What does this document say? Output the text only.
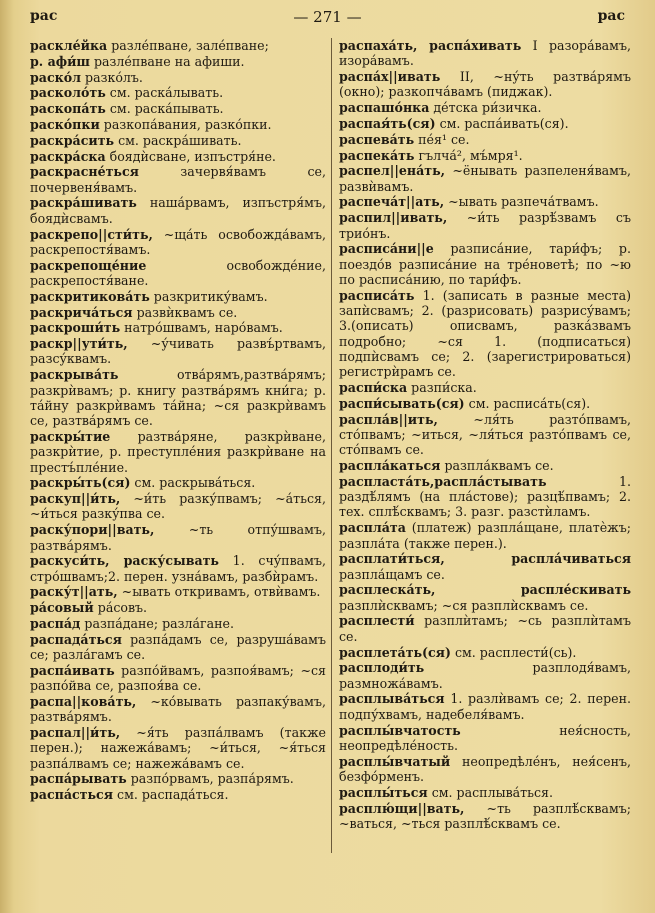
рас	— 271 —	рас
раскле́йка разле́пване, зале́пване;
р. афи́ш разле́пване на афиши.
раско́л разко́лъ.
расколо́ть см. раска́лывать.
раскопа́ть см. раска́пывать.
раско́пки разкопа́вания, разко́пки.
раскра́сить см. раскра́шивать.
раскра́ска боядѝсване, изпъстря́не.
раскрасне́ться зачервя́вамъ се, почервеня́вамъ.
раскра́шивать наша́рвамъ, изпъстря́мъ, боядѝсвамъ.
раскрепо||сти́ть, ~ща́ть освобожда́вамъ, раскрепостя́вамъ.
раскрепоще́ние освобожде́ние, раскрепостя́ване.
раскритикова́ть разкритику́вамъ.
раскрича́ться развѝквамъ се.
раскроши́ть натро́швамъ, наро́вамъ.
раскр||ути́ть, ~у́чивать развъ́ртвамъ, разсу́квамъ.
раскрыва́ть отва́рямъ,разтва́рямъ; разкрѝвамъ; р. книгу разтва́рямъ кни́га; р. та́йну разкрѝвамъ та́йна; ~ся разкрѝвамъ се, разтва́рямъ се.
раскры́тие разтва́ряне, разкрѝване, разкрѝтие, р. преступле́ния разкрѝване на престъ́пле́ние.
раскры́ть(ся) см. раскрыва́ться.
раскуп||и́ть, ~и́ть разку́пвамъ; ~а́ться, ~и́ться разку́пва се.
раску́пори||вать, ~ть отпу́швамъ, разтва́рямъ.
раскуси́ть, раску́сывать 1. счу́пвамъ, стро́швамъ;2. перен. узна́вамъ, разбѝрамъ.
раску́т||ать, ~ывать откривамъ, отвѝвамъ.
ра́совый ра́совъ.
распа́д разпа́дане; разла́гане.
распада́ться разпа́дамъ се, разруша́вамъ се; разла́гамъ се.
распа́ивать разпо́йвамъ, разпоя́вамъ; ~ся разпо́йва се, разпоя́ва се.
распа||кова́ть, ~ко́вывать разпаку́вамъ, разтва́рямъ.
распал||и́ть, ~я́ть разпа́лвамъ (также перен.); нажежа́вамъ; ~и́ться, ~я́ться разпа́лвамъ се; нажежа́вамъ се.
распа́рывать разпо́рвамъ, разпа́рямъ.
распа́сться см. распада́ться.
распаха́ть, распа́хивать I разора́вамъ, изора́вамъ.
распа́х||ивать II, ~ну́ть разтва́рямъ (окно); разкопча́вамъ (пиджак).
распашо́нка де́тска ри́зичка.
распая́ть(ся) см. распа́ивать(ся).
распева́ть пе́я¹ се.
распека́ть гълча́², мъ́мря¹.
распел||ена́ть, ~ёнывать разпеленя́вамъ, развѝвамъ.
распеча́т||ать, ~ывать разпеча́твамъ.
распил||ивать, ~и́ть разрѣ́звамъ съ трио́нъ.
расписа́ни||е разписа́ние, тари́фъ; р. поездо́в разписа́ние на тре́новетѣ; по ~ю по расписа́нию, по тари́фъ.
расписа́ть 1. (записать в разные места) запѝсвамъ; 2. (разрисовать) разрису́вамъ; 3.(описать) описвамъ, разка́звамъ подробно; ~ся 1. (подписаться) подпѝсвамъ се; 2. (зарегистрироваться) регистрѝрамъ се.
распи́ска разпи́ска.
распи́сывать(ся) см. расписа́ть(ся).
распла́в||ить, ~ля́ть разто́пвамъ, сто́пвамъ; ~иться, ~ля́ться разто́пвамъ се, сто́пвамъ се.
распла́каться разпла́квамъ се.
распласта́ть,распла́стывать 1. раздѣ́лямъ (на пла́стове); разцѣ́пвамъ; 2. тех. сплѣ́сквамъ; 3. разг. разстѝламъ.
распла́та (платеж) разпла́щане, платѐжъ; разпла́та (также перен.).
расплати́ться, распла́чиваться разпла́щамъ се.
расплеска́ть, распле́скивать разплѝсквамъ; ~ся разплѝсквамъ се.
расплести́ разплѝтамъ; ~сь разплѝтамъ се.
расплета́ть(ся) см. расплести́(сь).
расплоди́ть разплодя́вамъ, размножа́вамъ.
расплыва́ться 1. разлѝвамъ се; 2. перен. подпу́хвамъ, надебеля́вамъ.
расплы́вчатость нея́сность, неопредѣле́ность.
расплы́вчатый неопредѣле́нъ, нея́сенъ, безфо́рменъ.
расплы́ться см. расплыва́ться.
расплю́щи||вать, ~ть разплѣ́сквамъ; ~ваться, ~ться разплѣ́сквамъ се.
